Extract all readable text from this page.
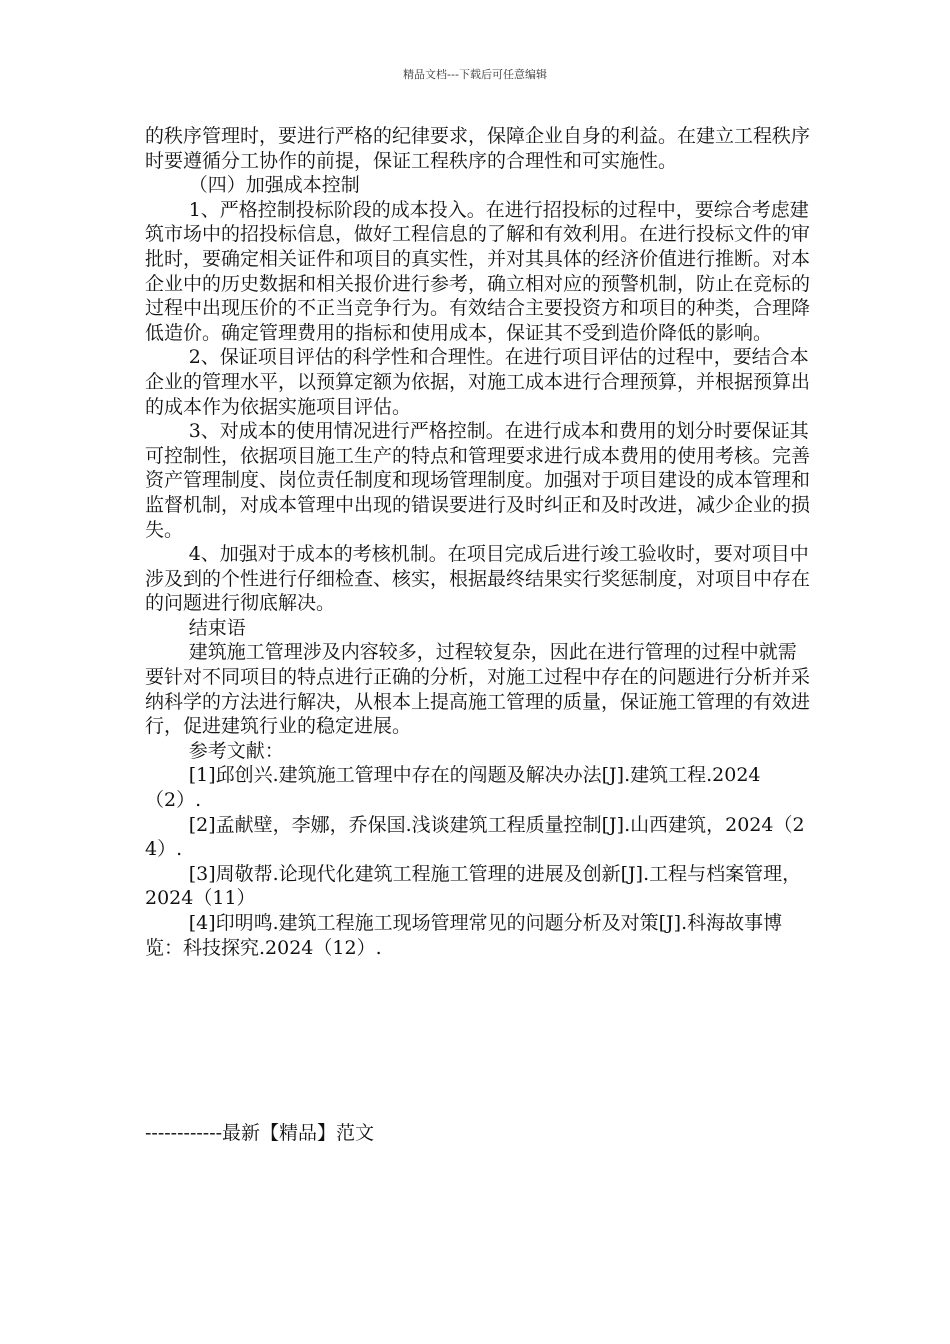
精品文档---下载后可任意编辑

的秩序管理时，要进行严格的纪律要求，保障企业自身的利益。在建立工程秩序时要遵循分工协作的前提，保证工程秩序的合理性和可实施性。

（四）加强成本控制

1、严格控制投标阶段的成本投入。在进行招投标的过程中，要综合考虑建筑市场中的招投标信息，做好工程信息的了解和有效利用。在进行投标文件的审批时，要确定相关证件和项目的真实性，并对其具体的经济价值进行推断。对本企业中的历史数据和相关报价进行参考，确立相对应的预警机制，防止在竞标的过程中出现压价的不正当竞争行为。有效结合主要投资方和项目的种类，合理降低造价。确定管理费用的指标和使用成本，保证其不受到造价降低的影响。

2、保证项目评估的科学性和合理性。在进行项目评估的过程中，要结合本企业的管理水平，以预算定额为依据，对施工成本进行合理预算，并根据预算出的成本作为依据实施项目评估。

3、对成本的使用情况进行严格控制。在进行成本和费用的划分时要保证其可控制性，依据项目施工生产的特点和管理要求进行成本费用的使用考核。完善资产管理制度、岗位责任制度和现场管理制度。加强对于项目建设的成本管理和监督机制，对成本管理中出现的错误要进行及时纠正和及时改进，减少企业的损失。

4、加强对于成本的考核机制。在项目完成后进行竣工验收时，要对项目中涉及到的个性进行仔细检查、核实，根据最终结果实行奖惩制度，对项目中存在的问题进行彻底解决。

结束语

建筑施工管理涉及内容较多，过程较复杂，因此在进行管理的过程中就需要针对不同项目的特点进行正确的分析，对施工过程中存在的问题进行分析并采纳科学的方法进行解决，从根本上提高施工管理的质量，保证施工管理的有效进行，促进建筑行业的稳定进展。

参考文献：

[1]邱创兴.建筑施工管理中存在的闯题及解决办法[J].建筑工程.2024（2）.

[2]孟献壁，李娜，乔保国.浅谈建筑工程质量控制[J].山西建筑，2024（24）.

[3]周敬帮.论现代化建筑工程施工管理的进展及创新[J].工程与档案管理， 2024（11）

[4]印明鸣.建筑工程施工现场管理常见的问题分析及对策[J].科海故事博览：科技探究.2024（12）.

------------最新【精品】范文
